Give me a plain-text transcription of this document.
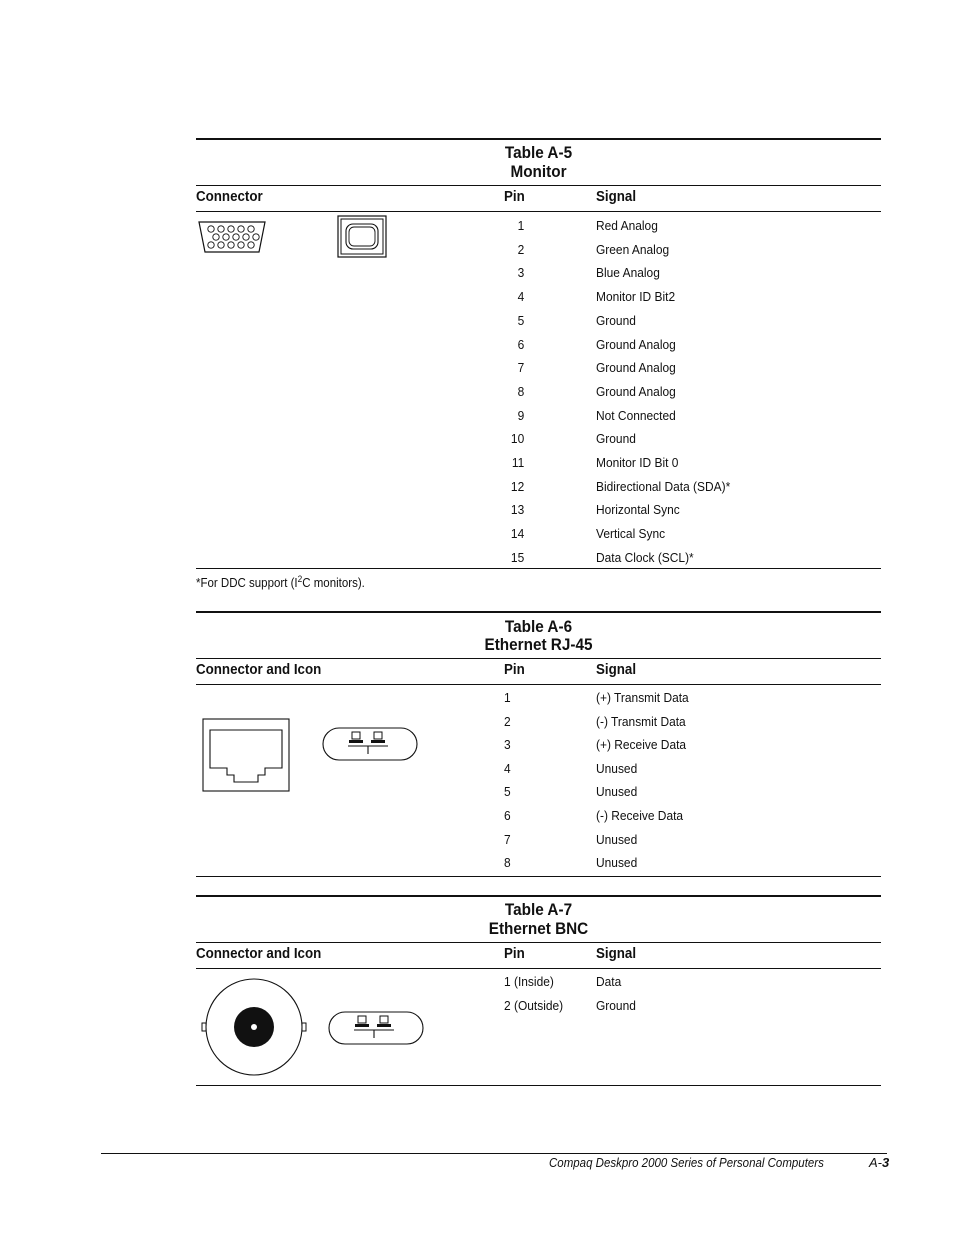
Table A-5
Monitor
Connector	Pin	Signal
1	Red Analog
2	Green Analog
3	Blue Analog
4	Monitor ID Bit2
5	Ground
6	Ground Analog
7	Ground Analog
8	Ground Analog
9	Not Connected
10	Ground
11	Monitor ID Bit 0
12	Bidirectional Data (SDA)*
13	Horizontal Sync
14	Vertical Sync
15	Data Clock (SCL)*
*For DDC support ($I^2C$ monitors).
Table A-6
Ethernet RJ-45
Connector and Icon	Pin	Signal
1	(+) Transmit Data
2	(-) Transmit Data
3	(+) Receive Data
4	Unused
5	Unused
6	(-) Receive Data
7	Unused
8	Unused
Table A-7
Ethernet BNC
Connector and Icon	Pin	Signal
1 (Inside)	Data
2 (Outside)	Ground
Compaq Deskpro 2000 Series of Personal Computers	A-3
